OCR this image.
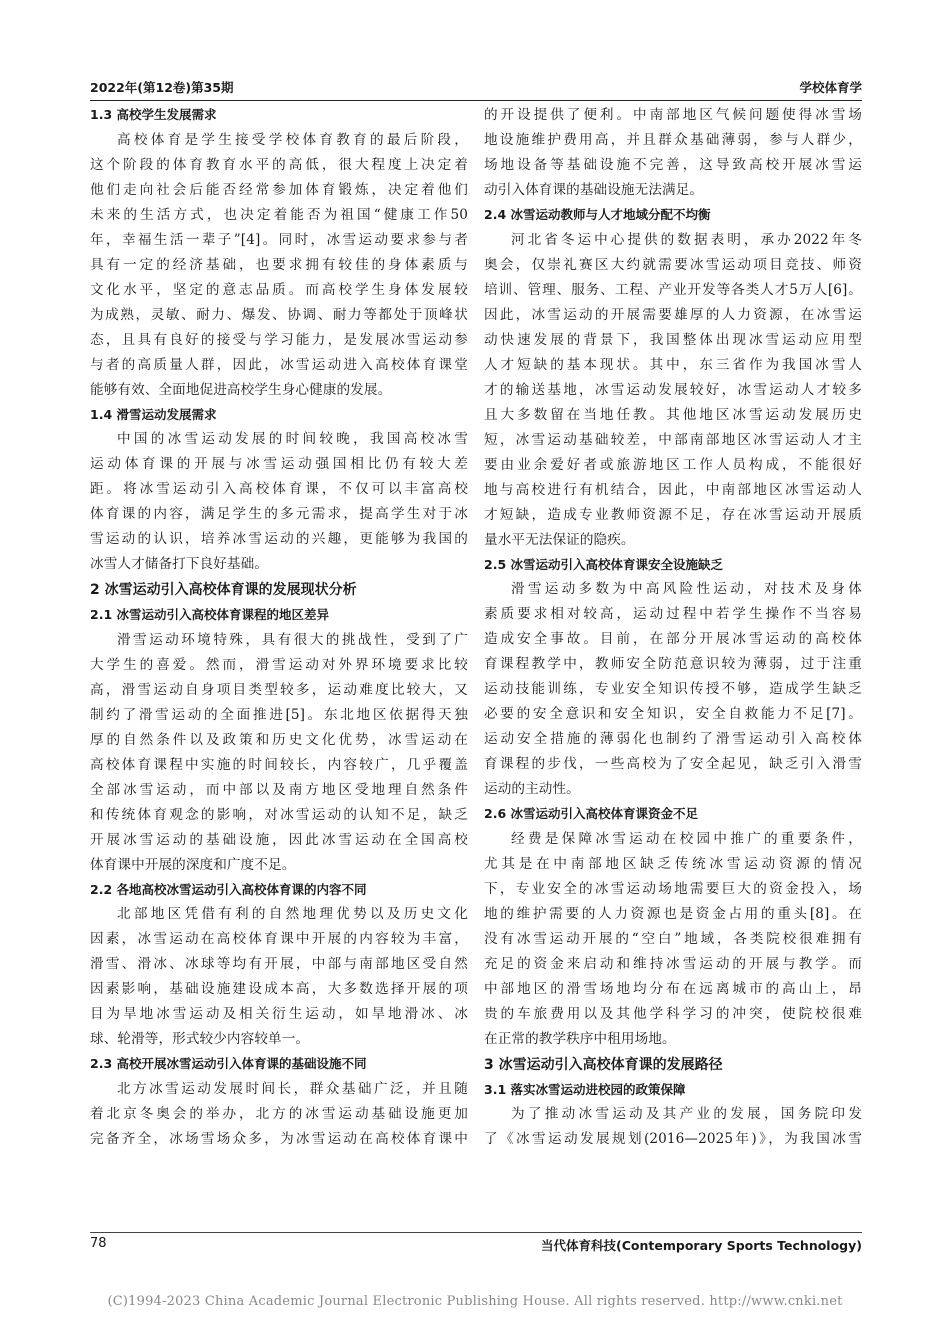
2022年(第12卷)第35期	学校体育学
1.3 高校学生发展需求
高校体育是学生接受学校体育教育的最后阶段，
这个阶段的体育教育水平的高低，很大程度上决定着
他们走向社会后能否经常参加体育锻炼，决定着他们
未来的生活方式，也决定着能否为祖国“健康工作50
年，幸福生活一辈子”[4]。同时，冰雪运动要求参与者
具有一定的经济基础，也要求拥有较佳的身体素质与
文化水平，坚定的意志品质。而高校学生身体发展较
为成熟，灵敏、耐力、爆发、协调、耐力等都处于顶峰状
态，且具有良好的接受与学习能力，是发展冰雪运动参
与者的高质量人群，因此，冰雪运动进入高校体育课堂
能够有效、全面地促进高校学生身心健康的发展。
1.4 滑雪运动发展需求
中国的冰雪运动发展的时间较晚，我国高校冰雪
运动体育课的开展与冰雪运动强国相比仍有较大差
距。将冰雪运动引入高校体育课，不仅可以丰富高校
体育课的内容，满足学生的多元需求，提高学生对于冰
雪运动的认识，培养冰雪运动的兴趣，更能够为我国的
冰雪人才储备打下良好基础。
2 冰雪运动引入高校体育课的发展现状分析
2.1 冰雪运动引入高校体育课程的地区差异
滑雪运动环境特殊，具有很大的挑战性，受到了广
大学生的喜爱。然而，滑雪运动对外界环境要求比较
高，滑雪运动自身项目类型较多，运动难度比较大，又
制约了滑雪运动的全面推进[5]。东北地区依据得天独
厚的自然条件以及政策和历史文化优势，冰雪运动在
高校体育课程中实施的时间较长，内容较广，几乎覆盖
全部冰雪运动，而中部以及南方地区受地理自然条件
和传统体育观念的影响，对冰雪运动的认知不足，缺乏
开展冰雪运动的基础设施，因此冰雪运动在全国高校
体育课中开展的深度和广度不足。
2.2 各地高校冰雪运动引入高校体育课的内容不同
北部地区凭借有利的自然地理优势以及历史文化
因素，冰雪运动在高校体育课中开展的内容较为丰富，
滑雪、滑冰、冰球等均有开展，中部与南部地区受自然
因素影响，基础设施建设成本高，大多数选择开展的项
目为旱地冰雪运动及相关衍生运动，如旱地滑冰、冰
球、轮滑等，形式较少内容较单一。
2.3 高校开展冰雪运动引入体育课的基础设施不同
北方冰雪运动发展时间长，群众基础广泛，并且随
着北京冬奥会的举办，北方的冰雪运动基础设施更加
完备齐全，冰场雪场众多，为冰雪运动在高校体育课中
的开设提供了便利。中南部地区气候问题使得冰雪场
地设施维护费用高，并且群众基础薄弱，参与人群少，
场地设备等基础设施不完善，这导致高校开展冰雪运
动引入体育课的基础设施无法满足。
2.4 冰雪运动教师与人才地域分配不均衡
河北省冬运中心提供的数据表明，承办2022年冬
奥会，仅崇礼赛区大约就需要冰雪运动项目竞技、师资
培训、管理、服务、工程、产业开发等各类人才5万人[6]。
因此，冰雪运动的开展需要雄厚的人力资源，在冰雪运
动快速发展的背景下，我国整体出现冰雪运动应用型
人才短缺的基本现状。其中，东三省作为我国冰雪人
才的输送基地，冰雪运动发展较好，冰雪运动人才较多
且大多数留在当地任教。其他地区冰雪运动发展历史
短，冰雪运动基础较差，中部南部地区冰雪运动人才主
要由业余爱好者或旅游地区工作人员构成，不能很好
地与高校进行有机结合，因此，中南部地区冰雪运动人
才短缺，造成专业教师资源不足，存在冰雪运动开展质
量水平无法保证的隐疾。
2.5 冰雪运动引入高校体育课安全设施缺乏
滑雪运动多数为中高风险性运动，对技术及身体
素质要求相对较高，运动过程中若学生操作不当容易
造成安全事故。目前，在部分开展冰雪运动的高校体
育课程教学中，教师安全防范意识较为薄弱，过于注重
运动技能训练，专业安全知识传授不够，造成学生缺乏
必要的安全意识和安全知识，安全自救能力不足[7]。
运动安全措施的薄弱化也制约了滑雪运动引入高校体
育课程的步伐，一些高校为了安全起见，缺乏引入滑雪
运动的主动性。
2.6 冰雪运动引入高校体育课资金不足
经费是保障冰雪运动在校园中推广的重要条件，
尤其是在中南部地区缺乏传统冰雪运动资源的情况
下，专业安全的冰雪运动场地需要巨大的资金投入，场
地的维护需要的人力资源也是资金占用的重头[8]。在
没有冰雪运动开展的“空白”地域，各类院校很难拥有
充足的资金来启动和维持冰雪运动的开展与教学。而
中部地区的滑雪场地均分布在远离城市的高山上，昂
贵的车旅费用以及其他学科学习的冲突，使院校很难
在正常的教学秩序中租用场地。
3 冰雪运动引入高校体育课的发展路径
3.1 落实冰雪运动进校园的政策保障
为了推动冰雪运动及其产业的发展，国务院印发
了《冰雪运动发展规划(2016—2025年)》，为我国冰雪
78	当代体育科技(Contemporary Sports Technology)
(C)1994-2023 China Academic Journal Electronic Publishing House. All rights reserved. http://www.cnki.net
